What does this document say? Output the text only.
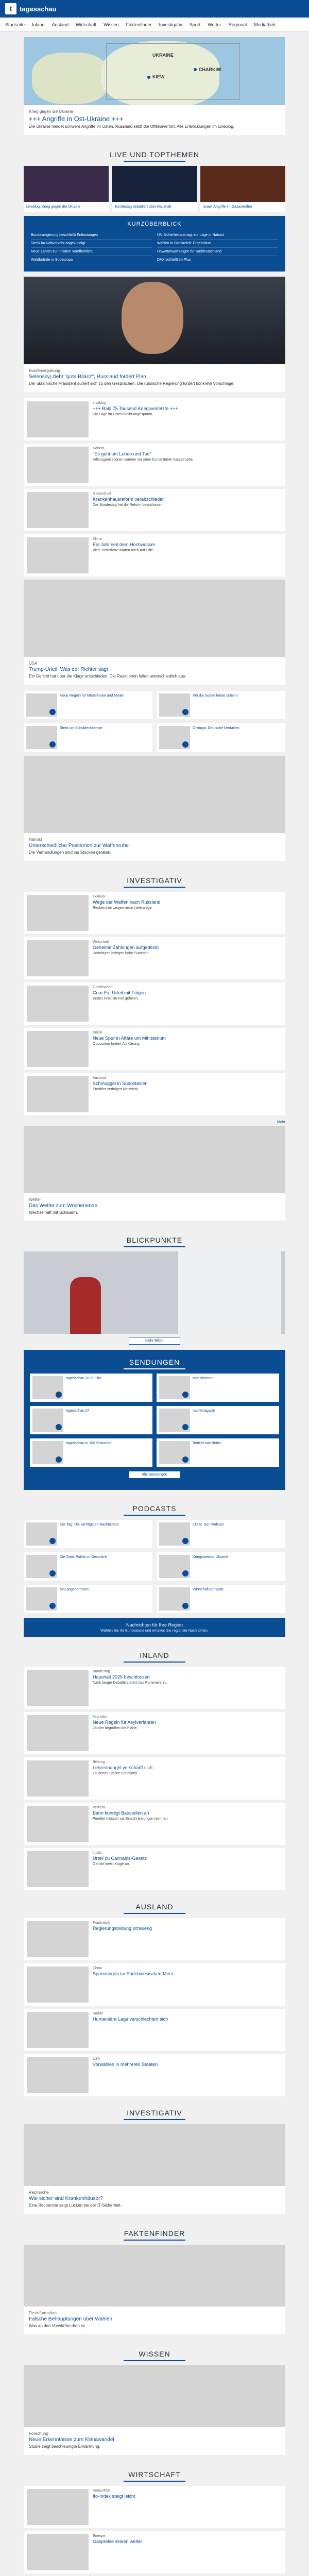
t	tagesschau
Startseite Inland Ausland Wirtschaft Wissen Faktenfinder Investigativ Sport Wetter Regional Mediathek
UKRAINE
KIEW
CHARKIW
Krieg gegen die Ukraine
+++ Angriffe in Ost-Ukraine +++
Die Ukraine meldet schwere Angriffe im Osten. Russland setzt die Offensive fort. Alle Entwicklungen im Liveblog.
LIVE UND TOPTHEMEN
Liveblog: Krieg gegen die Ukraine	Bundestag debattiert über Haushalt	Israel: Angriffe im Gazastreifen
KURZÜBERBLICK
Bundesregierung beschließt Entlastungen
Streik im Nahverkehr angekündigt
Neue Zahlen zur Inflation veröffentlicht
Waldbrände in Südeuropa
UN-Sicherheitsrat tagt zur Lage in Nahost
Wahlen in Frankreich: Ergebnisse
Unwetterwarnungen für Süddeutschland
DAX schließt im Plus
Bundesregierung
Selenskyj zieht "gute Bilanz", Russland fordert Plan
Der ukrainische Präsident äußert sich zu den Gesprächen. Die russische Regierung fordert konkrete Vorschläge.
Liveblog
+++ Bald 75 Tausend Kriegsverletzte +++
Die Lage im Osten bleibt angespannt.
Nahost
"Es geht um Leben und Tod"
Hilfsorganisationen warnen vor einer humanitären Katastrophe.
Gesundheit
Krankenhausreform verabschiedet
Der Bundestag hat die Reform beschlossen.
Klima
Ein Jahr seit dem Hochwasser
Viele Betroffene warten noch auf Hilfe.
USA
Trump-Urteil: Was der Richter sagt
Ein Gericht hat über die Klage entschieden. Die Reaktionen fallen unterschiedlich aus.
Neue Regeln für Mieterinnen und Mieter	Wo die Sonne heute scheint
Streit um Schuldenbremse	Olympia: Deutsche Medaillen
Nahost
Unterschiedliche Positionen zur Waffenruhe
Die Verhandlungen sind ins Stocken geraten.
INVESTIGATIV
exklusiv
Wege der Waffen nach Russland
Recherchen zeigen neue Lieferwege.
Wirtschaft
Geheime Zahlungen aufgedeckt
Unterlagen belegen hohe Summen.
Gesellschaft
Cum-Ex: Urteil mit Folgen
Erstes Urteil im Fall gefallen.
Politik
Neue Spur in Affäre um Ministerium
Opposition fordert Aufklärung.
Ausland
Schmuggel in Südostasien
Ermittler verfolgen Netzwerk.
Mehr
Wetter
Das Wetter zum Wochenende
Wechselhaft mit Schauern.
BLICKPUNKTE
mehr Bilder
SENDUNGEN
tagesschau 20:00 Uhr	tagesthemen
tagesschau 24	nachtmagazin
tagesschau in 100 Sekunden	Bericht aus Berlin
Alle Sendungen
PODCASTS
Der Tag: Die wichtigsten Nachrichten	11KM: Der Podcast
Die Zwei: Politik im Gespräch	Kriegsbericht: Ukraine
Mal angenommen	Wirtschaft kompakt
Nachrichten für Ihre Region
Wählen Sie Ihr Bundesland und erhalten Sie regionale Nachrichten.
INLAND
Bundestag
Haushalt 2025 beschlossen
Nach langer Debatte stimmt das Parlament zu.
Migration
Neue Regeln für Asylverfahren
Länder begrüßen die Pläne.
Bildung
Lehrermangel verschärft sich
Tausende Stellen unbesetzt.
Verkehr
Bahn kündigt Baustellen an
Pendler müssen mit Einschränkungen rechnen.
Justiz
Urteil zu Cannabis-Gesetz
Gericht weist Klage ab.
AUSLAND
Frankreich
Regierungsbildung schwierig
China
Spannungen im Südchinesischen Meer
Sudan
Humanitäre Lage verschlechtert sich
USA
Vorwahlen in mehreren Staaten
INVESTIGATIV
Recherche
Wie sicher sind Krankenhäuser?
Eine Recherche zeigt Lücken bei der IT-Sicherheit.
FAKTENFINDER
Desinformation
Falsche Behauptungen über Wahlen
Was an den Vorwürfen dran ist.
WISSEN
Forschung
Neue Erkenntnisse zum Klimawandel
Studie zeigt beschleunigte Erwärmung.
WIRTSCHAFT
Konjunktur
Ifo-Index steigt leicht
Energie
Gaspreise sinken weiter
